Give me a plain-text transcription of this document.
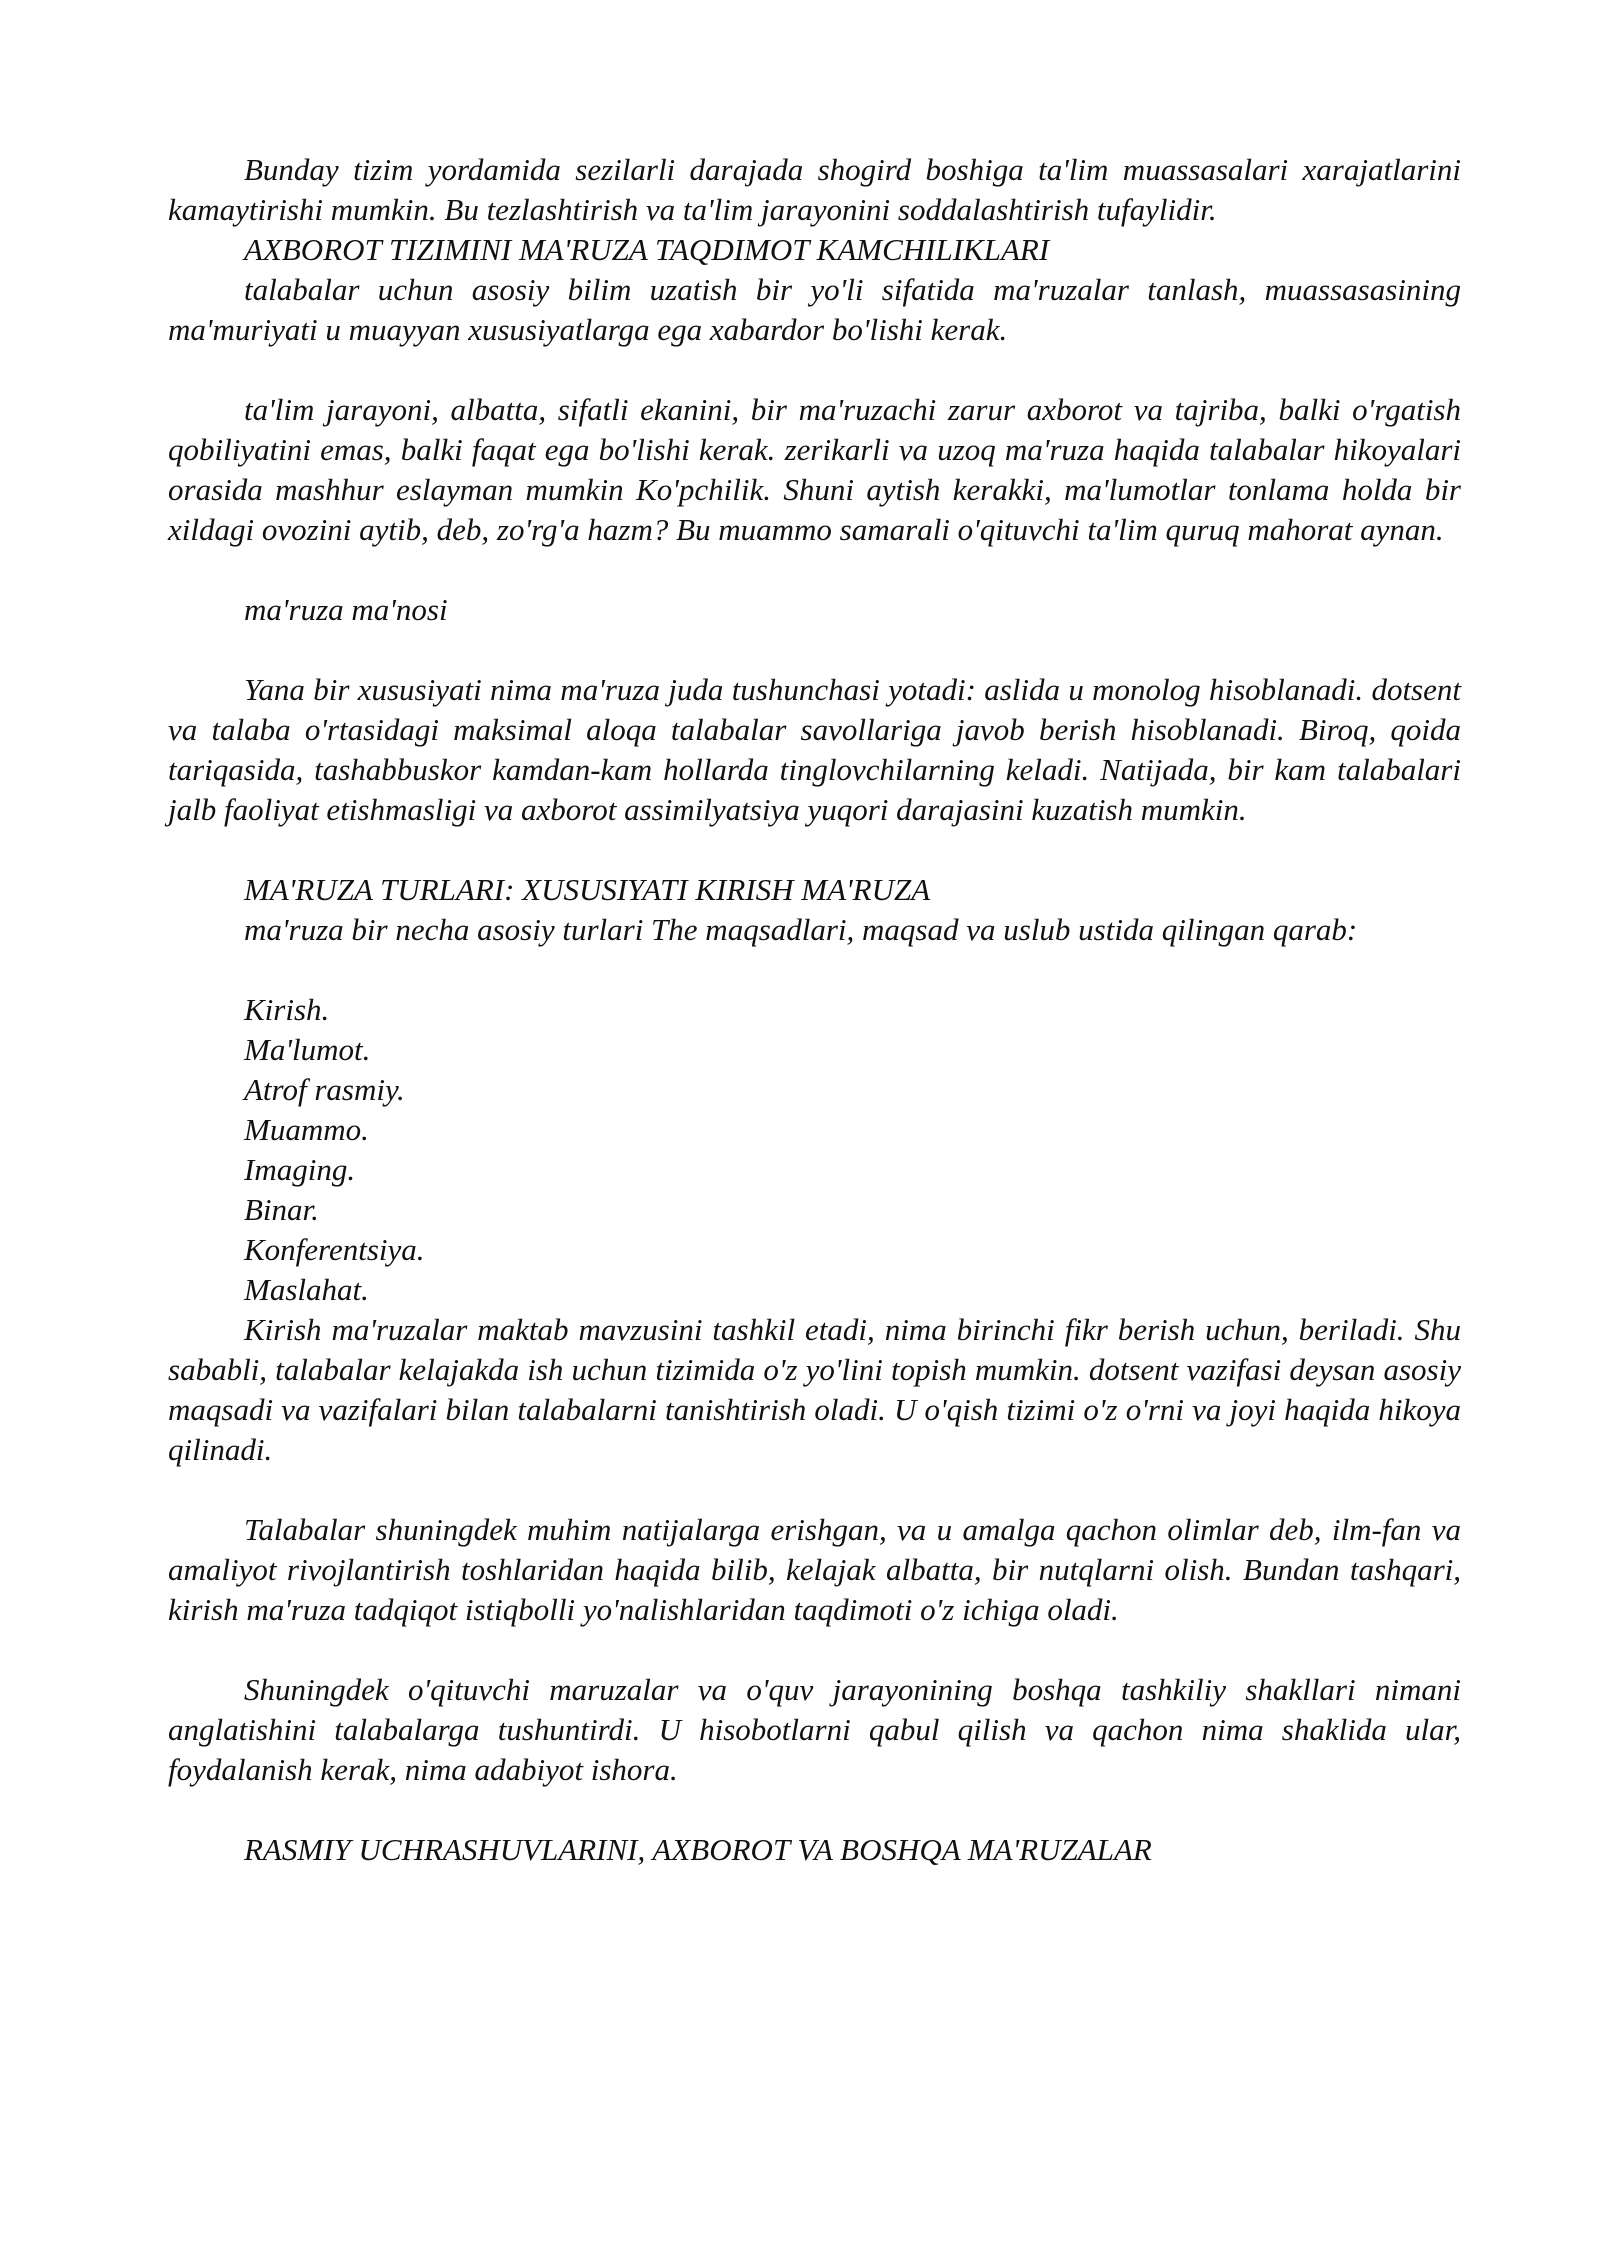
Bunday tizim yordamida sezilarli darajada shogird boshiga ta'lim muassasalari xarajatlarini kamaytirishi mumkin. Bu tezlashtirish va ta'lim jarayonini soddalashtirish tufaylidir.

AXBOROT TIZIMINI MA'RUZA TAQDIMOT KAMCHILIKLARI

talabalar uchun asosiy bilim uzatish bir yo'li sifatida ma'ruzalar tanlash, muassasasining ma'muriyati u muayyan xususiyatlarga ega xabardor bo'lishi kerak.

ta'lim jarayoni, albatta, sifatli ekanini, bir ma'ruzachi zarur axborot va tajriba, balki o'rgatish qobiliyatini emas, balki faqat ega bo'lishi kerak. zerikarli va uzoq ma'ruza haqida talabalar hikoyalari orasida mashhur eslayman mumkin Ko'pchilik. Shuni aytish kerakki, ma'lumotlar tonlama holda bir xildagi ovozini aytib, deb, zo'rg'a hazm? Bu muammo samarali o'qituvchi ta'lim quruq mahorat aynan.

ma'ruza ma'nosi

Yana bir xususiyati nima ma'ruza juda tushunchasi yotadi: aslida u monolog hisoblanadi. dotsent va talaba o'rtasidagi maksimal aloqa talabalar savollariga javob berish hisoblanadi. Biroq, qoida tariqasida, tashabbuskor kamdan-kam hollarda tinglovchilarning keladi. Natijada, bir kam talabalari jalb faoliyat etishmasligi va axborot assimilyatsiya yuqori darajasini kuzatish mumkin.

MA'RUZA TURLARI: XUSUSIYATI KIRISH MA'RUZA

ma'ruza bir necha asosiy turlari The maqsadlari, maqsad va uslub ustida qilingan qarab:

Kirish.
Ma'lumot.
Atrof rasmiy.
Muammo.
Imaging.
Binar.
Konferentsiya.
Maslahat.

Kirish ma'ruzalar maktab mavzusini tashkil etadi, nima birinchi fikr berish uchun, beriladi. Shu sababli, talabalar kelajakda ish uchun tizimida o'z yo'lini topish mumkin. dotsent vazifasi deysan asosiy maqsadi va vazifalari bilan talabalarni tanishtirish oladi. U o'qish tizimi o'z o'rni va joyi haqida hikoya qilinadi.

Talabalar shuningdek muhim natijalarga erishgan, va u amalga qachon olimlar deb, ilm-fan va amaliyot rivojlantirish toshlaridan haqida bilib, kelajak albatta, bir nutqlarni olish. Bundan tashqari, kirish ma'ruza tadqiqot istiqbolli yo'nalishlaridan taqdimoti o'z ichiga oladi.

Shuningdek o'qituvchi maruzalar va o'quv jarayonining boshqa tashkiliy shakllari nimani anglatishini talabalarga tushuntirdi. U hisobotlarni qabul qilish va qachon nima shaklida ular, foydalanish kerak, nima adabiyot ishora.

RASMIY UCHRASHUVLARINI, AXBOROT VA BOSHQA MA'RUZALAR
